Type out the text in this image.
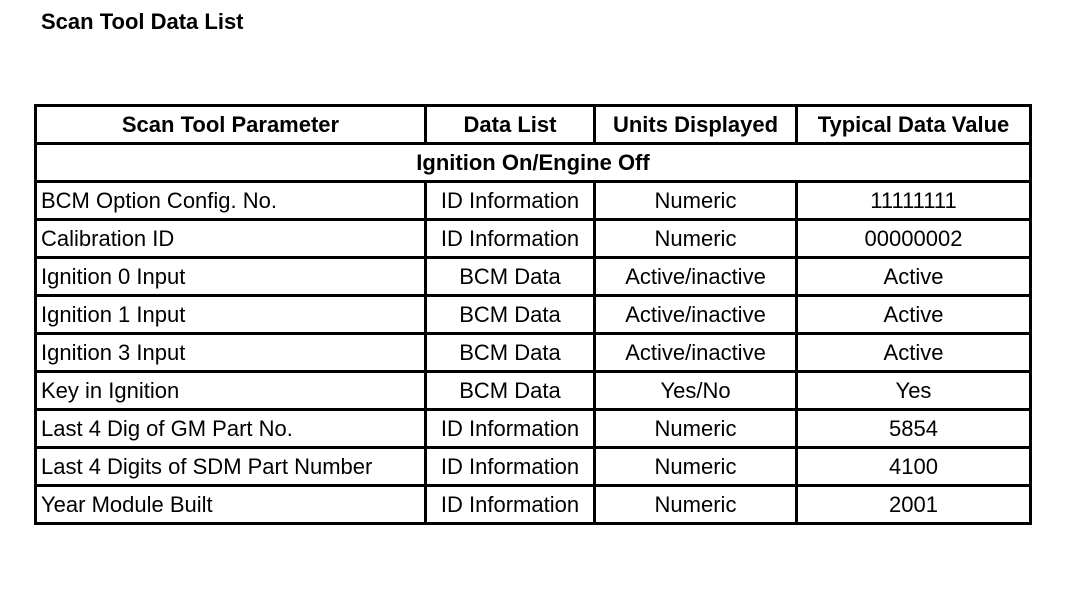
Scan Tool Data List
Scan Tool Parameter	Data List	Units Displayed	Typical Data Value
Ignition On/Engine Off			
BCM Option Config. No.	ID Information	Numeric	11111111
Calibration ID	ID Information	Numeric	00000002
Ignition 0 Input	BCM Data	Active/inactive	Active
Ignition 1 Input	BCM Data	Active/inactive	Active
Ignition 3 Input	BCM Data	Active/inactive	Active
Key in Ignition	BCM Data	Yes/No	Yes
Last 4 Dig of GM Part No.	ID Information	Numeric	5854
Last 4 Digits of SDM Part Number	ID Information	Numeric	4100
Year Module Built	ID Information	Numeric	2001
